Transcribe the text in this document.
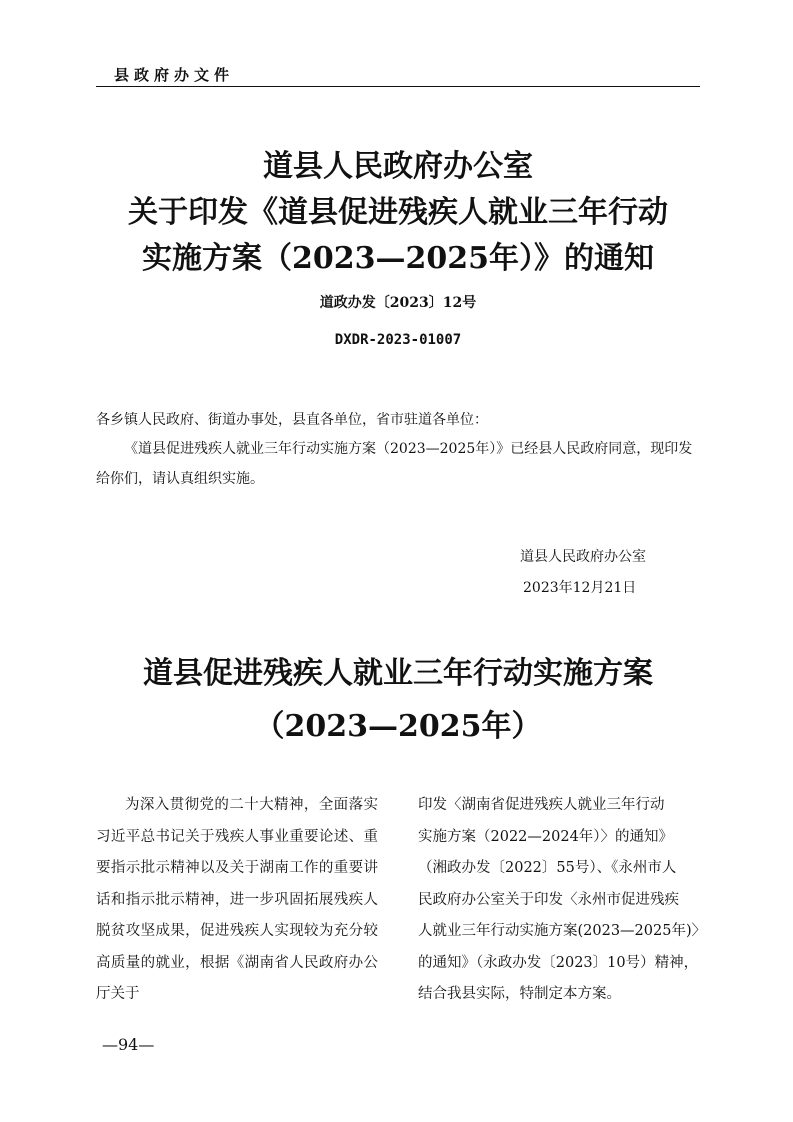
县政府办文件
道县人民政府办公室
关于印发《道县促进残疾人就业三年行动
实施方案（2023—2025年）》的通知
道政办发〔2023〕12号
DXDR-2023-01007
各乡镇人民政府、街道办事处，县直各单位，省市驻道各单位：
《道县促进残疾人就业三年行动实施方案（2023—2025年）》已经县人民政府同意，现印发给你们，请认真组织实施。
道县人民政府办公室
2023年12月21日
道县促进残疾人就业三年行动实施方案
（2023—2025年）
为深入贯彻党的二十大精神，全面落实习近平总书记关于残疾人事业重要论述、重要指示批示精神以及关于湖南工作的重要讲话和指示批示精神，进一步巩固拓展残疾人脱贫攻坚成果，促进残疾人实现较为充分较高质量的就业，根据《湖南省人民政府办公厅关于
印发〈湖南省促进残疾人就业三年行动
实施方案（2022—2024年）〉的通知》
（湘政办发〔2022〕55号）、《永州市人
民政府办公室关于印发〈永州市促进残疾
人就业三年行动实施方案(2023—2025年)〉
的通知》（永政办发〔2023〕10号）精神，
结合我县实际，特制定本方案。
—94—
